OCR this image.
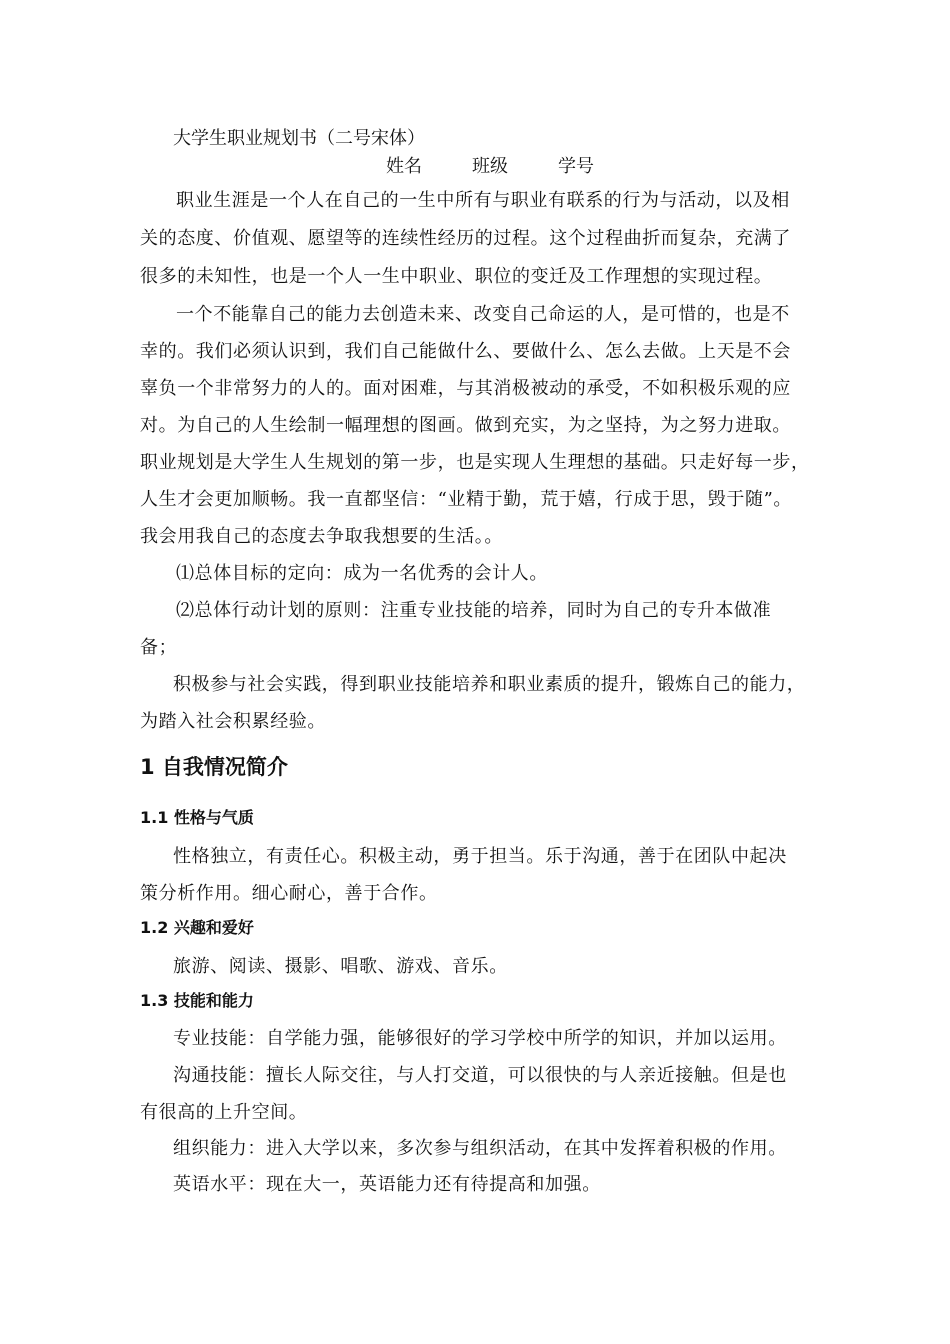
大学生职业规划书（二号宋体）
姓名	班级	学号
职业生涯是一个人在自己的一生中所有与职业有联系的行为与活动，以及相
关的态度、价值观、愿望等的连续性经历的过程。这个过程曲折而复杂，充满了
很多的未知性，也是一个人一生中职业、职位的变迁及工作理想的实现过程。
一个不能靠自己的能力去创造未来、改变自己命运的人，是可惜的，也是不
幸的。我们必须认识到，我们自己能做什么、要做什么、怎么去做。上天是不会
辜负一个非常努力的人的。面对困难，与其消极被动的承受，不如积极乐观的应
对。为自己的人生绘制一幅理想的图画。做到充实，为之坚持，为之努力进取。
职业规划是大学生人生规划的第一步，也是实现人生理想的基础。只走好每一步，
人生才会更加顺畅。我一直都坚信：“业精于勤，荒于嬉，行成于思，毁于随”。
我会用我自己的态度去争取我想要的生活。。
⑴总体目标的定向：成为一名优秀的会计人。
⑵总体行动计划的原则：注重专业技能的培养，同时为自己的专升本做准
备；
积极参与社会实践，得到职业技能培养和职业素质的提升，锻炼自己的能力，
为踏入社会积累经验。
1 自我情况简介
1.1 性格与气质
性格独立，有责任心。积极主动，勇于担当。乐于沟通，善于在团队中起决
策分析作用。细心耐心，善于合作。
1.2 兴趣和爱好
旅游、阅读、摄影、唱歌、游戏、音乐。
1.3 技能和能力
专业技能：自学能力强，能够很好的学习学校中所学的知识，并加以运用。
沟通技能：擅长人际交往，与人打交道，可以很快的与人亲近接触。但是也
有很高的上升空间。
组织能力：进入大学以来，多次参与组织活动，在其中发挥着积极的作用。
英语水平：现在大一，英语能力还有待提高和加强。
